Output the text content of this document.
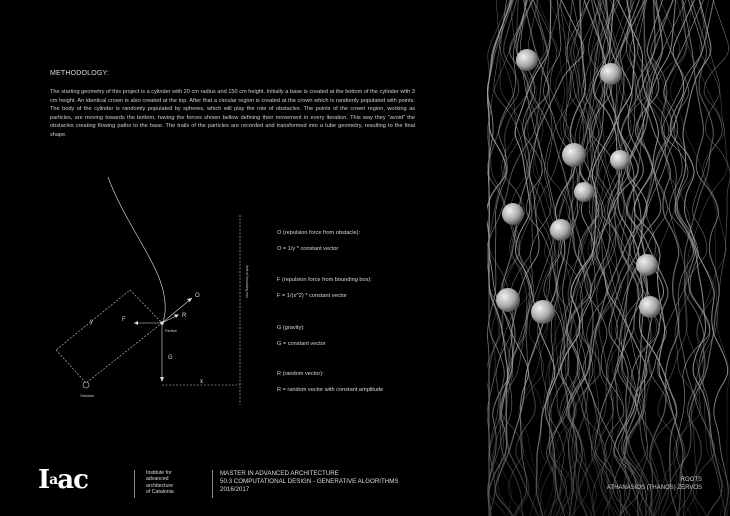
METHODOLOGY:
The starting geometry of this project is a cylinder with 20 cm radius and 150 cm height. Initially a base is created at the bottom of the cylinder with 3 cm height. An identical crown is also created at the top. After that a circular region is created at the crown which is randomly populated with points. The body of the cylinder is randomly populated by spheres, which will play the role of obstacles. The points of the crown region, working as particles, are moving towards the bottom, having the forces shown bellow defining their movement in every iteration. This way they “avoid” the obstacles creating flowing paths to the base. The trails of the particles are recorded and transformed into a tube geometry, resulting to the final shape.
O
R
F
G
x
y
Particle
Obstacle
limit of bounding box
O (repulsion force from obstacle):
O = 1/y * constant vector
F (repulsion force from bounding box):
F = 1/(x^2) * constant vector
G (gravity):
G = constant vector
R (random vector):
R = random vector with constant amplitude
$I^aac$	Institute for
advanced
architecture
of Catalonia
MASTER IN ADVANCED ARCHITECTURE
50.3 COMPUTATIONAL DESIGN - GENERATIVE ALGORITHMS
2016/2017
ROOTS
ATHANASIOS (THANOS) ZERVOS
